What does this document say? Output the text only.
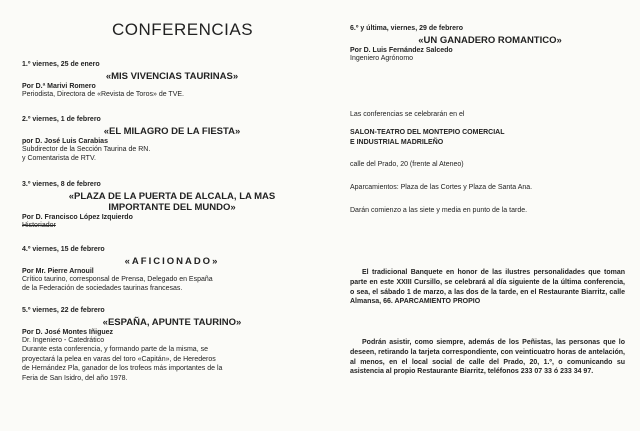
CONFERENCIAS
1.º viernes, 25 de enero
«MIS VIVENCIAS TAURINAS»
Por D.ª Marivi Romero
Periodista, Directora de «Revista de Toros» de TVE.
2.º viernes, 1 de febrero
«EL MILAGRO DE LA FIESTA»
por D. José Luis Carabias
Subdirector de la Sección Taurina de RN.
y Comentarista de RTV.
3.º viernes, 8 de febrero
«PLAZA DE LA PUERTA DE ALCALA, LA MAS IMPORTANTE DEL MUNDO»
Por D. Francisco López Izquierdo
Historiador
4.º viernes, 15 de febrero
«AFICIONADO»
Por Mr. Pierre Arnouil
Crítico taurino, corresponsal de Prensa, Delegado en España
de la Federación de sociedades taurinas francesas.
5.º viernes, 22 de febrero
«ESPAÑA, APUNTE TAURINO»
Por D. José Montes Iñiguez
Dr. Ingeniero - Catedrático
Durante esta conferencia, y formando parte de la misma, se
proyectará la pelea en varas del toro «Capitán», de Herederos
de Hernández Pla, ganador de los trofeos más importantes de la
Feria de San Isidro, del año 1978.
6.º y última, viernes, 29 de febrero
«UN GANADERO ROMANTICO»
Por D. Luis Fernández Salcedo
Ingeniero Agrónomo
Las conferencias se celebrarán en el
SALON-TEATRO DEL MONTEPIO COMERCIAL
E INDUSTRIAL MADRILEÑO
calle del Prado, 20 (frente al Ateneo)
Aparcamientos: Plaza de las Cortes y Plaza de Santa Ana.
Darán comienzo a las siete y media en punto de la tarde.
El tradicional Banquete en honor de las ilustres personalidades que toman parte en este XXIII Cursillo, se celebrará al día siguiente de la última conferencia, o sea, el sábado 1 de marzo, a las dos de la tarde, en el Restaurante Biarritz, calle Almansa, 66. APARCAMIENTO PROPIO
Podrán asistir, como siempre, además de los Peñistas, las personas que lo deseen, retirando la tarjeta correspondiente, con veinticuatro horas de antelación, al menos, en el local social de calle del Prado, 20, 1.º, o comunicando su asistencia al propio Restaurante Biarritz, teléfonos 233 07 33 ó 233 34 97.
